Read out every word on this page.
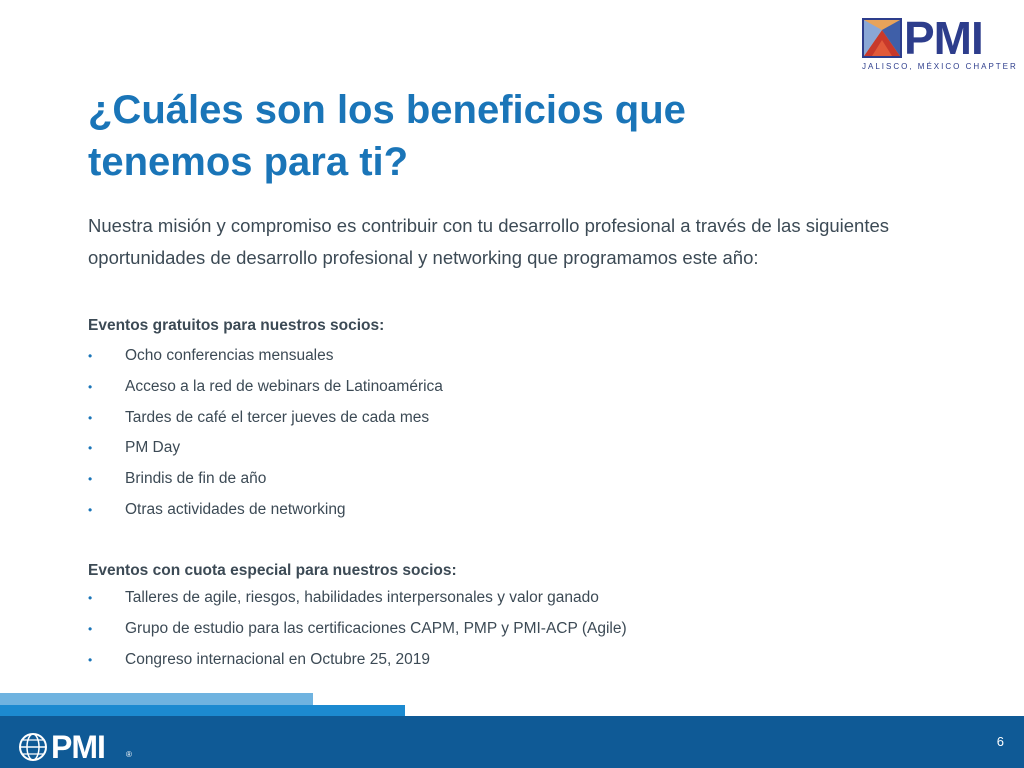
PMI
JALISCO, MÉXICO CHAPTER
¿Cuáles son los beneficios que tenemos para ti?

Nuestra misión y compromiso es contribuir con tu desarrollo profesional a través de las siguientes oportunidades de desarrollo profesional y networking que programamos este año:

Eventos gratuitos para nuestros socios:
• Ocho conferencias mensuales
• Acceso a la red de webinars de Latinoamérica
• Tardes de café el tercer jueves de cada mes
• PM Day
• Brindis de fin de año
• Otras actividades de networking
Eventos con cuota especial para nuestros socios:
• Talleres de agile, riesgos, habilidades interpersonales y valor ganado
• Grupo de estudio para las certificaciones CAPM, PMP y PMI-ACP (Agile)
• Congreso internacional en Octubre 25, 2019
PMI	®
6
